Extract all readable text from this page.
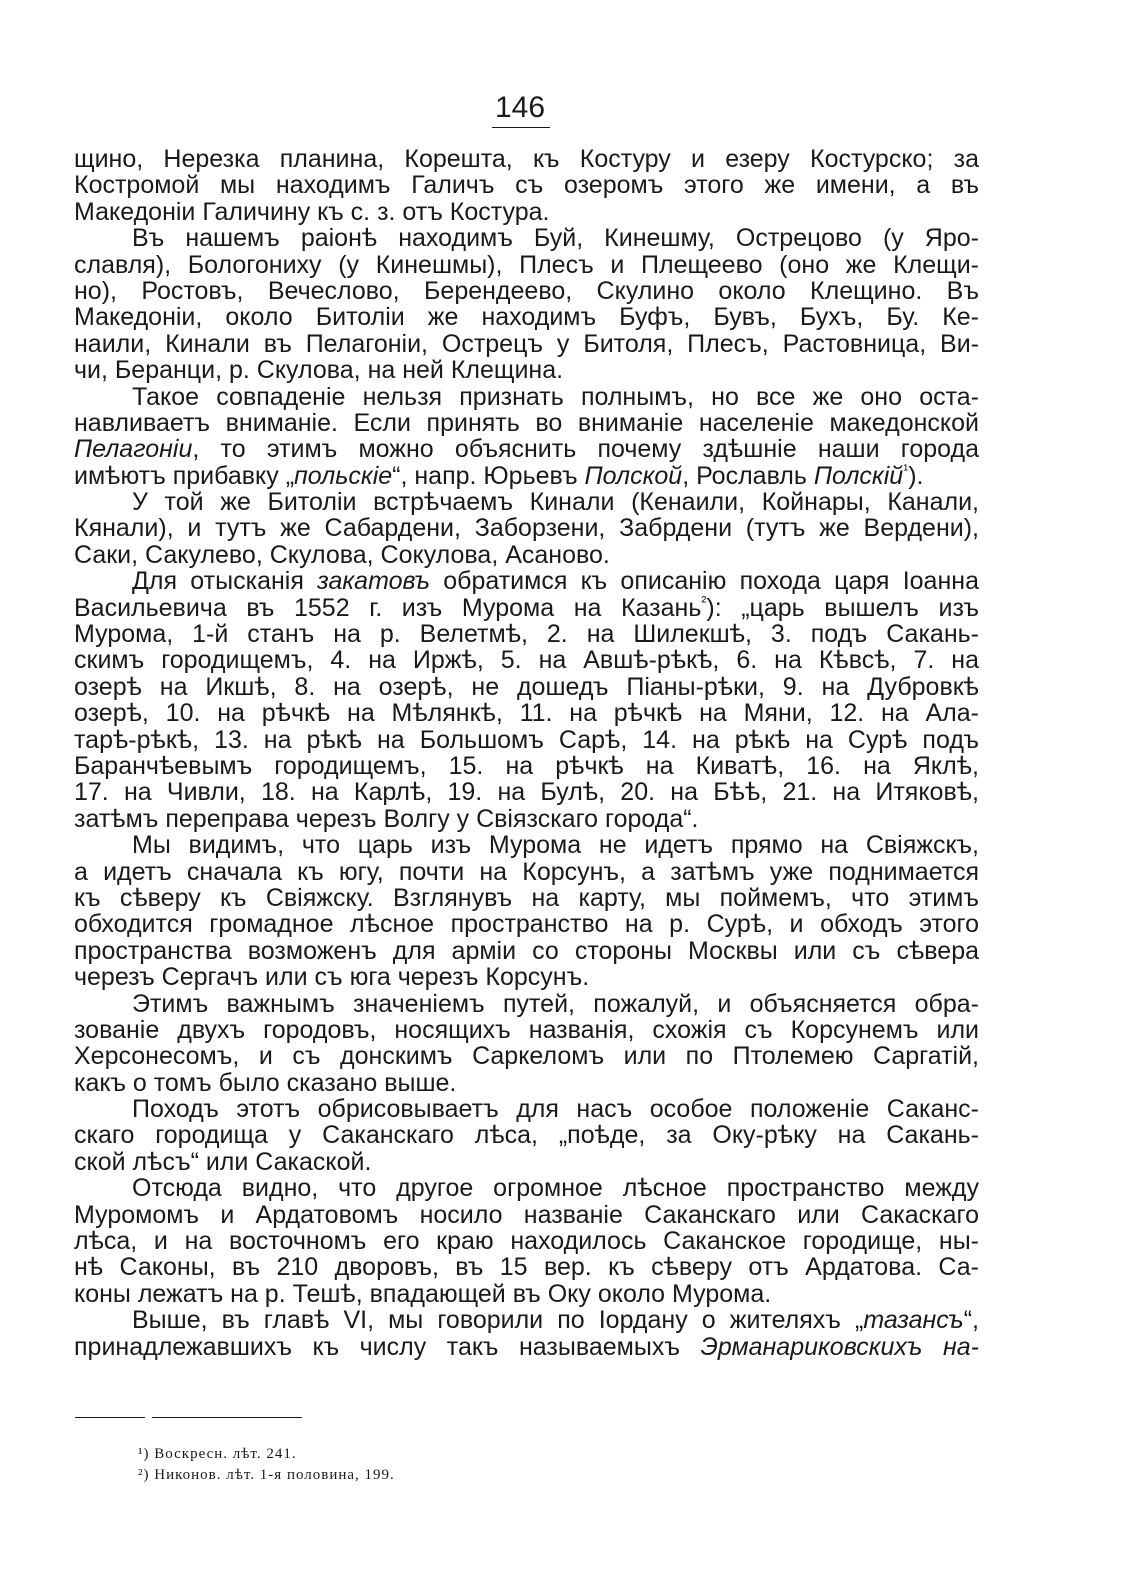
146
щино, Нерезка планина, Корешта, къ Костуру и езеру Костурско; за
Костромой мы находимъ Галичъ съ озеромъ этого же имени, а въ
Македоніи Галичину къ с. з. отъ Костура.
Въ нашемъ раіонѣ находимъ Буй, Кинешму, Острецово (у Яро-
славля), Бологониху (у Кинешмы), Плесъ и Плещеево (оно же Клещи-
но), Ростовъ, Вечеслово, Берендеево, Скулино около Клещино. Въ
Македоніи, около Битоліи же находимъ Буфъ, Бувъ, Бухъ, Бу. Ке-
наили, Кинали въ Пелагоніи, Острецъ у Битоля, Плесъ, Растовница, Ви-
чи, Беранци, р. Скулова, на ней Клещина.
Такое совпаденіе нельзя признать полнымъ, но все же оно оста-
навливаетъ вниманіе. Если принять во вниманіе населеніе македонской
Пелагоніи, то этимъ можно объяснить почему здѣшніе наши города
имѣютъ прибавку „польскіе“, напр. Юрьевъ Полской, Рославль Полскій$^{^1}$).
У той же Битоліи встрѣчаемъ Кинали (Кенаили, Койнары, Канали,
Кянали), и тутъ же Сабардени, Заборзени, Забрдени (тутъ же Вердени),
Саки, Сакулево, Скулова, Сокулова, Асаново.
Для отысканія закатовъ обратимся къ описанію похода царя Іоанна
Васильевича въ 1552 г. изъ Мурома на Казань$^{^2}$): „царь вышелъ изъ
Мурома, 1-й станъ на р. Велетмѣ, 2. на Шилекшѣ, 3. подъ Сакань-
скимъ городищемъ, 4. на Иржѣ, 5. на Авшѣ-рѣкѣ, 6. на Кѣвсѣ, 7. на
озерѣ на Икшѣ, 8. на озерѣ, не дошедъ Піаны-рѣки, 9. на Дубровкѣ
озерѣ, 10. на рѣчкѣ на Мѣлянкѣ, 11. на рѣчкѣ на Мяни, 12. на Ала-
тарѣ-рѣкѣ, 13. на рѣкѣ на Большомъ Сарѣ, 14. на рѣкѣ на Сурѣ подъ
Баранчѣевымъ городищемъ, 15. на рѣчкѣ на Киватѣ, 16. на Яклѣ,
17. на Чивли, 18. на Карлѣ, 19. на Булѣ, 20. на Бѣѣ, 21. на Итяковѣ,
затѣмъ переправа черезъ Волгу у Свіязскаго города“.
Мы видимъ, что царь изъ Мурома не идетъ прямо на Свіяжскъ,
а идетъ сначала къ югу, почти на Корсунъ, а затѣмъ уже поднимается
къ сѣверу къ Свіяжску. Взглянувъ на карту, мы поймемъ, что этимъ
обходится громадное лѣсное пространство на р. Сурѣ, и обходъ этого
пространства возможенъ для арміи со стороны Москвы или съ сѣвера
черезъ Сергачъ или съ юга черезъ Корсунъ.
Этимъ важнымъ значеніемъ путей, пожалуй, и объясняется обра-
зованіе двухъ городовъ, носящихъ названія, схожія съ Корсунемъ или
Херсонесомъ, и съ донскимъ Саркеломъ или по Птолемею Саргатій,
какъ о томъ было сказано выше.
Походъ этотъ обрисовываетъ для насъ особое положеніе Саканс-
скаго городища у Саканскаго лѣса, „поѣде, за Оку-рѣку на Сакань-
ской лѣсъ“ или Сакаской.
Отсюда видно, что другое огромное лѣсное пространство между
Муромомъ и Ардатовомъ носило названіе Саканскаго или Сакаскаго
лѣса, и на восточномъ его краю находилось Саканское городище, ны-
нѣ Саконы, въ 210 дворовъ, въ 15 вер. къ сѣверу отъ Ардатова. Са-
коны лежатъ на р. Тешѣ, впадающей въ Оку около Мурома.
Выше, въ главѣ VI, мы говорили по Іордану о жителяхъ „тазансъ“,
принадлежавшихъ къ числу такъ называемыхъ Эрманариковскихъ на-
¹) Воскресн. лѣт. 241.
²) Никонов. лѣт. 1-я половина, 199.
